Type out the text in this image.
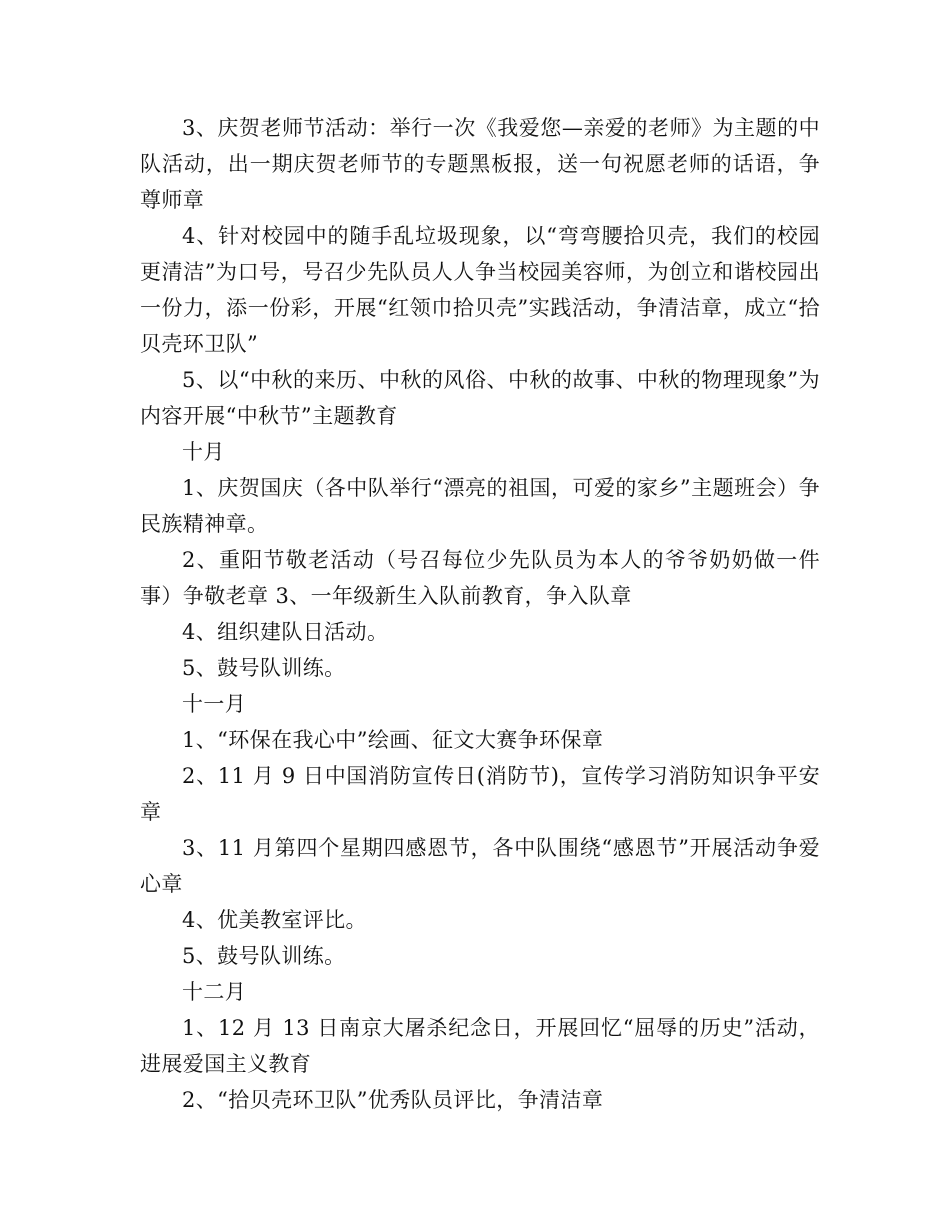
3、庆贺老师节活动：举行一次《我爱您—亲爱的老师》为主题的中队活动，出一期庆贺老师节的专题黑板报，送一句祝愿老师的话语，争尊师章

4、针对校园中的随手乱垃圾现象，以“弯弯腰拾贝壳，我们的校园更清洁”为口号，号召少先队员人人争当校园美容师，为创立和谐校园出一份力，添一份彩，开展“红领巾拾贝壳”实践活动，争清洁章，成立“拾贝壳环卫队”

5、以“中秋的来历、中秋的风俗、中秋的故事、中秋的物理现象”为内容开展“中秋节”主题教育

十月

1、庆贺国庆（各中队举行“漂亮的祖国，可爱的家乡”主题班会）争民族精神章。

2、重阳节敬老活动（号召每位少先队员为本人的爷爷奶奶做一件事）争敬老章 3、一年级新生入队前教育，争入队章

4、组织建队日活动。

5、鼓号队训练。

十一月

1、“环保在我心中”绘画、征文大赛争环保章

2、11 月 9 日中国消防宣传日(消防节)，宣传学习消防知识争平安章

3、11 月第四个星期四感恩节，各中队围绕“感恩节”开展活动争爱心章

4、优美教室评比。

5、鼓号队训练。

十二月

1、12 月 13 日南京大屠杀纪念日，开展回忆“屈辱的历史”活动，进展爱国主义教育

2、“拾贝壳环卫队”优秀队员评比，争清洁章
